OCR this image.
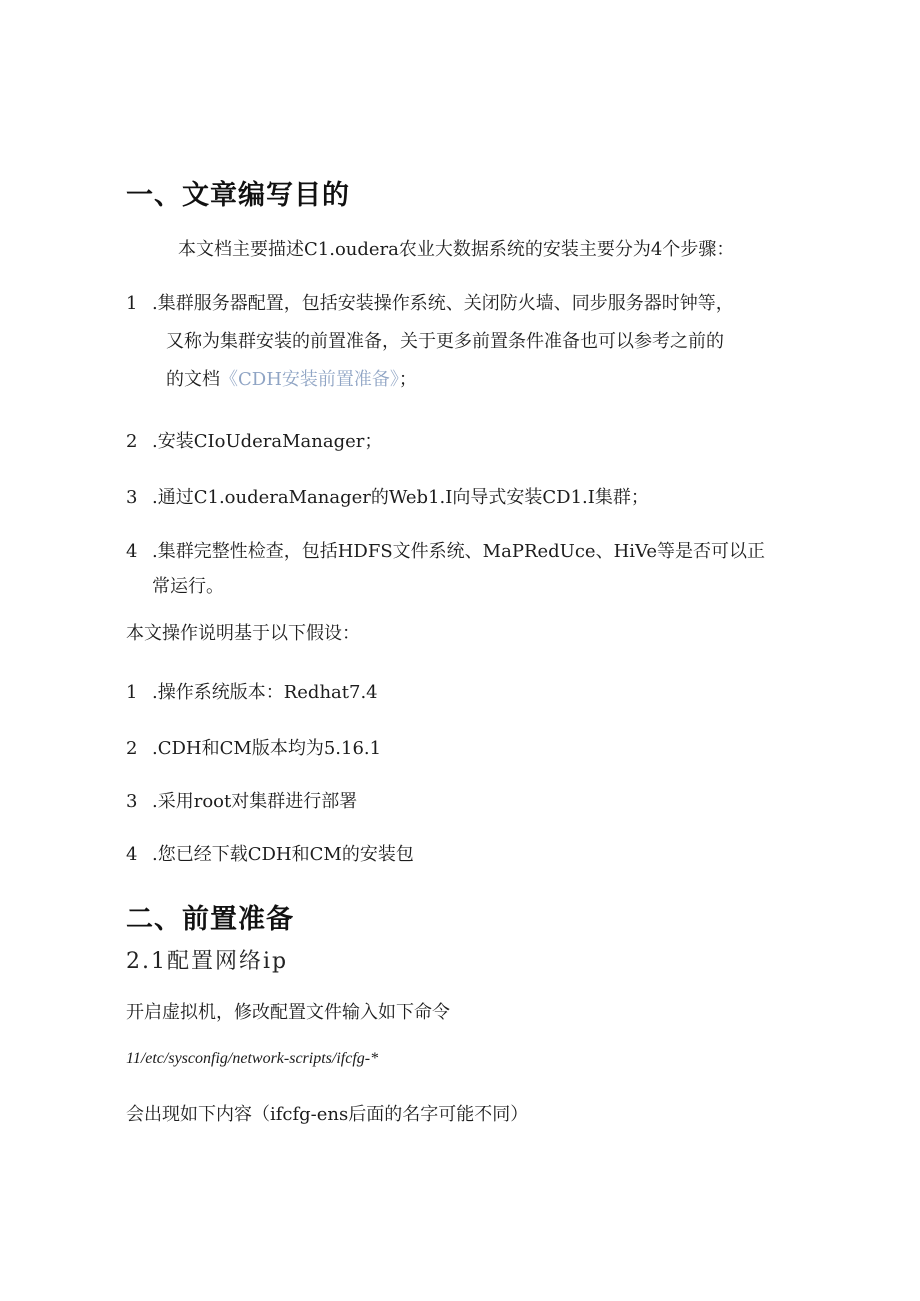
一、文章编写目的
本文档主要描述C1.oudera农业大数据系统的安装主要分为4个步骤：
1 .集群服务器配置，包括安装操作系统、关闭防火墙、同步服务器时钟等，
又称为集群安装的前置准备，关于更多前置条件准备也可以参考之前的
的文档《CDH安装前置准备》；
2 .安装CIoUderaManager；
3 .通过C1.ouderaManager的Web1.I向导式安装CD1.I集群；
4 .集群完整性检查，包括HDFS文件系统、MaPRedUce、HiVe等是否可以正
常运行。
本文操作说明基于以下假设：
1 .操作系统版本：Redhat7.4
2 .CDH和CM版本均为5.16.1
3 .采用root对集群进行部署
4 .您已经下载CDH和CM的安装包
二、前置准备
2.1配置网络ip
开启虚拟机，修改配置文件输入如下命令
11/etc/sysconfig/network-scripts/ifcfg-*
会出现如下内容（ifcfg-ens后面的名字可能不同）
